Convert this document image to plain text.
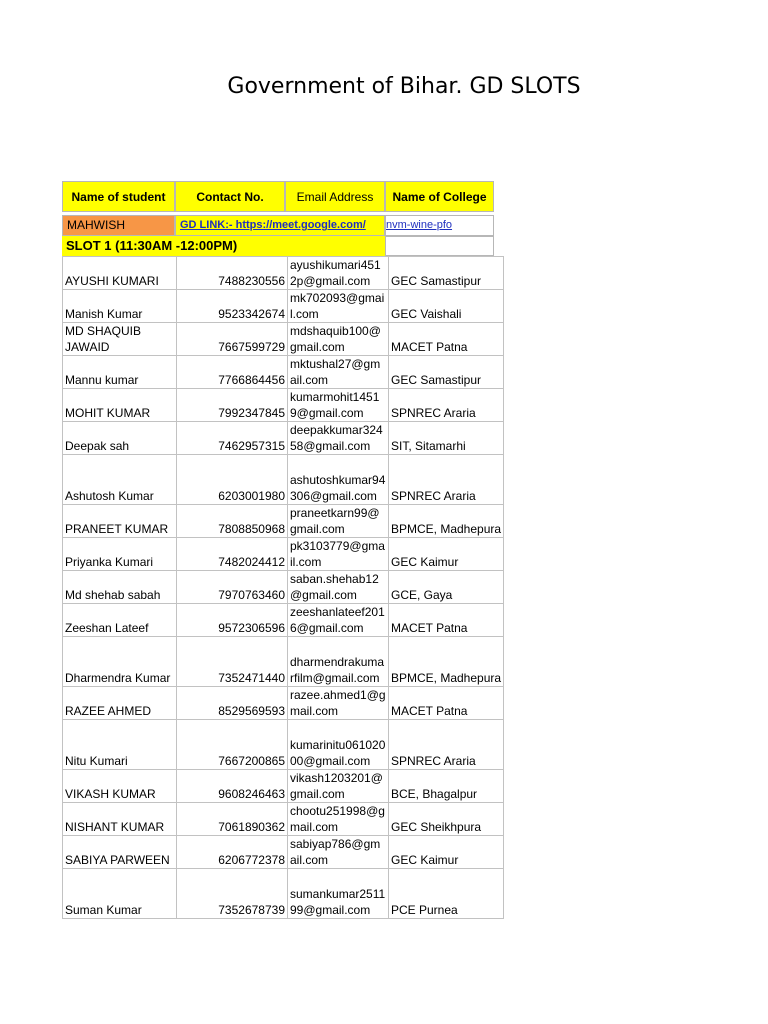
Government of Bihar. GD SLOTS
Name of student	Contact No.	Email Address	Name of College
MAHWISH	GD LINK:- https://meet.google.com/	nvm-wine-pfo
SLOT 1 (11:30AM -12:00PM)
AYUSHI KUMARI	7488230556	ayushikumari4512p@gmail.com	GEC Samastipur
Manish Kumar	9523342674	mk702093@gmail.com	GEC Vaishali
MD SHAQUIB JAWAID	7667599729	mdshaquib100@gmail.com	MACET Patna
Mannu kumar	7766864456	mktushal27@gmail.com	GEC Samastipur
MOHIT KUMAR	7992347845	kumarmohit14519@gmail.com	SPNREC Araria
Deepak sah	7462957315	deepakkumar32458@gmail.com	SIT, Sitamarhi
Ashutosh Kumar	6203001980	ashutoshkumar94306@gmail.com	SPNREC Araria
PRANEET KUMAR	7808850968	praneetkarn99@gmail.com	BPMCE, Madhepura
Priyanka Kumari	7482024412	pk3103779@gmail.com	GEC Kaimur
Md shehab sabah	7970763460	saban.shehab12@gmail.com	GCE, Gaya
Zeeshan Lateef	9572306596	zeeshanlateef2016@gmail.com	MACET Patna
Dharmendra Kumar	7352471440	dharmendrakumarfilm@gmail.com	BPMCE, Madhepura
RAZEE AHMED	8529569593	razee.ahmed1@gmail.com	MACET Patna
Nitu Kumari	7667200865	kumarinitu06102000@gmail.com	SPNREC Araria
VIKASH KUMAR	9608246463	vikash1203201@gmail.com	BCE, Bhagalpur
NISHANT KUMAR	7061890362	chootu251998@gmail.com	GEC Sheikhpura
SABIYA PARWEEN	6206772378	sabiyap786@gmail.com	GEC Kaimur
Suman Kumar	7352678739	sumankumar251199@gmail.com	PCE Purnea
